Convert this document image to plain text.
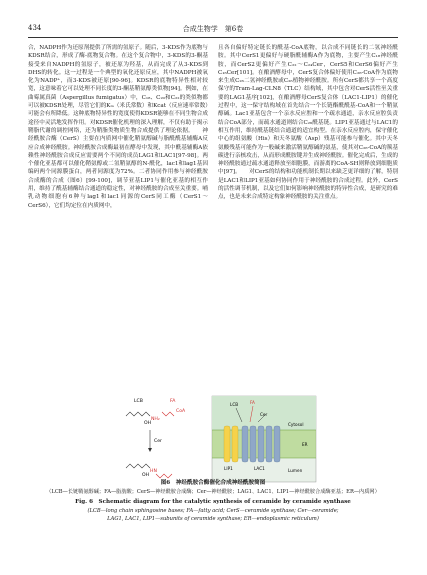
434	合成生物学　第6卷

合，NADPH作为还原剂提供了所需的氢原子。随后，3-KDS作为底物与KDSR结合，形成了酶-底物复合物。在这个复合物中，3-KDS的3-酮基接受来自NADPH的氢原子，被还原为羟基，从而完成了从3-KDS到DHS的转化。这一过程是一个典型的氧化还原反应，其中NADPH被氧化为NADP⁺，而3-KDS被还原[90-96]。KDSR的底物特异性相对较宽，这意味着它可以处理不同长度的3-酮基鞘氨醇类似物[94]。例如，在曲霉属真菌（Aspergillus fumigatus）中，C₁₈、C₂₀和C₂₂的类似物都可以被KDSR处理，尽管它们的Kₘ（米氏常数）和Kcat（反应速率常数）可能会有所降低。这种底物特异性的宽度使得KDSR能够在不同生物合成途径中灵活地发挥作用。对KDSR催化机理的深入理解，不仅有助于揭示鞘脂代谢的调控网络，还为鞘脂类物质生物合成提供了理论依据。　　神经酰胺合酶（CerS）主要在内质网中催化鞘氨醇碱与脂酰酰基辅酶A反应合成神经酰胺。神经酰胺合成酶最初在酵母中发现，其中酰基辅酶A依赖性神经酰胺合成反应需要两个不同的成员LAG1和LAC1[97-98]。两个催化亚基都可以催化鞘氨醇或二氢鞘氨醇的N-酰化，lac1和lag1基因编码两个同源膜蛋白，两者同源度为72%。二者协同作用参与神经酰胺合成酶的合成（图6）[99-100]，调节亚基LIP1与催化亚基的相互作用，维持了酰基辅酶结合通道的稳定性，对神经酰胺的合成至关重要。哺乳动物细胞有6种与lag1和lac1同源的CerS同工酶（CerS1～CerS6），它们均定位在内质网中，

且各自偏好特定链长的酰基-CoA底物，以合成不同链长的二氢神经酰胺。其中CerS1更偏好与硬脂酰辅酶A作为底物，主要产生C₁₈神经酰胺，而CerS2更偏好产生C₂₂～C₂₄Cer，CerS5和CerS6偏好产生C₁₆Cer[101]。在酿酒酵母中，CerS复合体偏好使用C₂₆-CoA作为底物来生成C₂₆二氢神经酰胺或C₂₆植物神经酰胺。所有CerS都共享一个高度保守的Tram-Lag-CLN8（TLC）结构域，其中包含对CerS活性至关重要的LAG1基序[102]，在酿酒酵母CerS复合体（LAC1-LIP1）的催化过程中，这一保守结构域在首先结合一个长链酯酰酰基-CoA和一个鞘氨醇碱。Lac1亚基包含一个亲水反应腔和一个疏水通道，亲水反应腔负责结合CoA部分，而疏水通道则结合C₂₆酰基链。LIP1亚基通过与LAC1的相互作用，维持酰基链结合通道的适宜构型。在亲水反应腔内，保守催化中心的组氨酸（His）和天冬氨酸（Asp）残基可能参与催化。其中天冬氨酸残基可能作为一般碱来激活鞘氨醇碱的氨基，使其对C₂₆-CoA的羰基碳进行亲核攻击，从而形成酰胺键并生成神经酰胺。催化完成后，生成的神经酰胺通过疏水通道释放至细胞膜，而游离的CoA-SH则释放到细胞质中[97]。　　对CerS的结构和功能机制长期以来缺乏更详细的了解，特别是LAC1和LIP1亚基如何协同作用于神经酰胺的合成过程。此外，CerS的活性调节机制，以及它们如何影响神经酰胺的特异性合成，是研究的难点，也是未来合成特定构象神经酰胺的关注重点。

LCB	FA
OH
NH₂
CoA
Cer
OH
HN
Cytosol
ER
Lumen
LCB	FA
Cer
LIP1	LAC1
图6　神经酰胺合酶催化合成神经酰胺简图
（LCB—长链鞘氨醇碱；FA—脂肪酸；CerS—神经酰胺合成酶；Cer—神经酰胺；LAG1、LAC1、LIP1—神经酰胺合成酶亚基；ER—内质网）
Fig. 6　Schematic diagram for the catalytic synthesis of ceramide by ceramide synthase
(LCB—long chain sphingosine bases; FA—fatty acid; CerS—ceramide synthase; Cer—ceramide;
LAG1, LAC1, LIP1—subunits of ceramide synthase; ER—endoplasmic reticulum)
